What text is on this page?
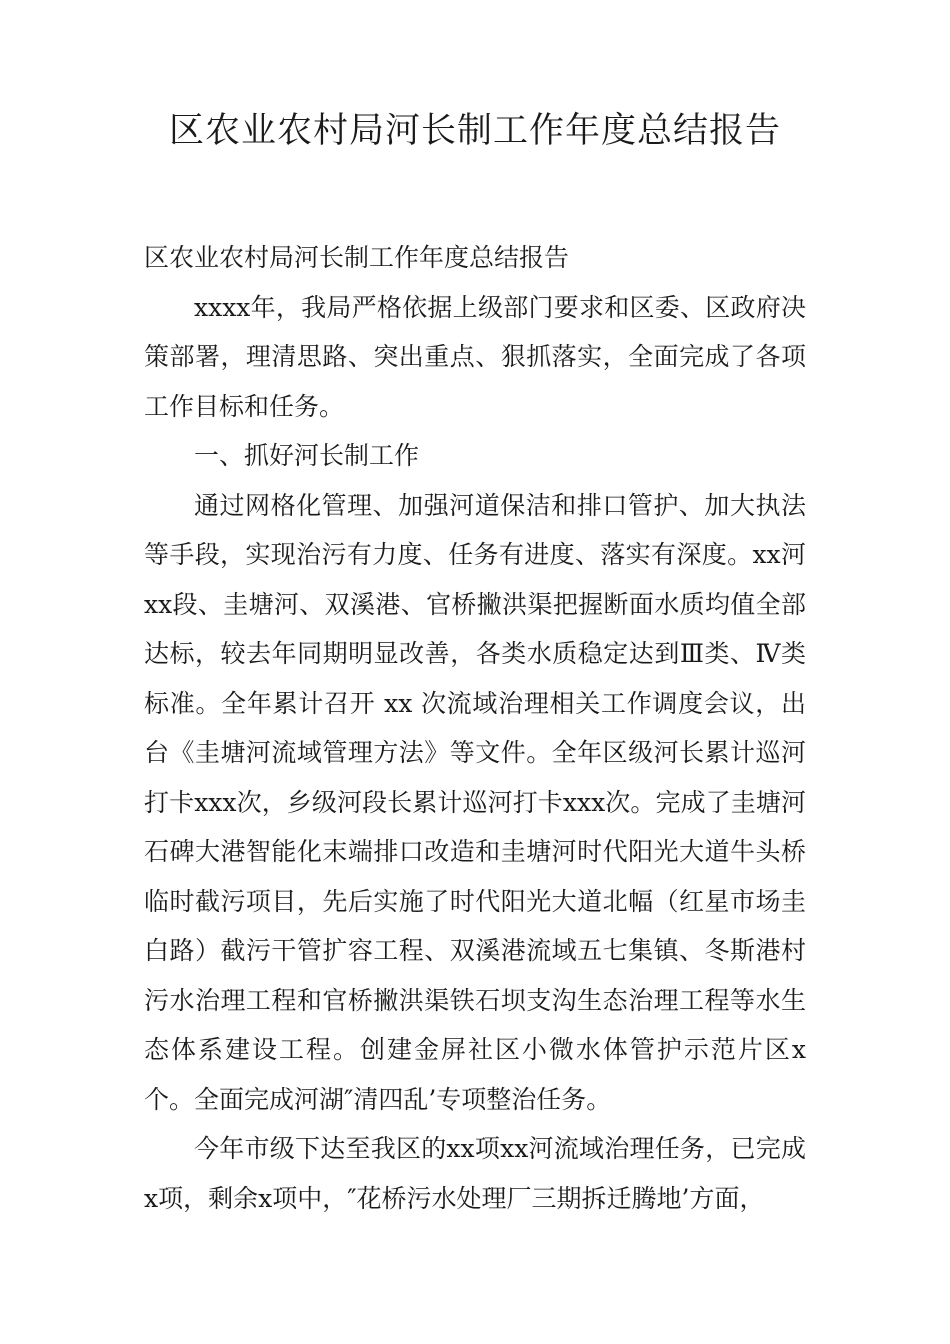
区农业农村局河长制工作年度总结报告

区农业农村局河长制工作年度总结报告

xxxx年，我局严格依据上级部门要求和区委、区政府决策部署，理清思路、突出重点、狠抓落实，全面完成了各项工作目标和任务。

一、抓好河长制工作

通过网格化管理、加强河道保洁和排口管护、加大执法等手段，实现治污有力度、任务有进度、落实有深度。xx河xx段、圭塘河、双溪港、官桥撇洪渠把握断面水质均值全部达标，较去年同期明显改善，各类水质稳定达到Ⅲ类、Ⅳ类标准。全年累计召开 xx 次流域治理相关工作调度会议，出台《圭塘河流域管理方法》等文件。全年区级河长累计巡河打卡xxx次，乡级河段长累计巡河打卡xxx次。完成了圭塘河石碑大港智能化末端排口改造和圭塘河时代阳光大道牛头桥临时截污项目，先后实施了时代阳光大道北幅（红星市场圭白路）截污干管扩容工程、双溪港流域五七集镇、冬斯港村污水治理工程和官桥撇洪渠铁石坝支沟生态治理工程等水生态体系建设工程。创建金屏社区小微水体管护示范片区x个。全面完成河湖″清四乱’专项整治任务。

今年市级下达至我区的xx项xx河流域治理任务，已完成x项，剩余x项中，″花桥污水处理厂三期拆迁腾地’方面，
